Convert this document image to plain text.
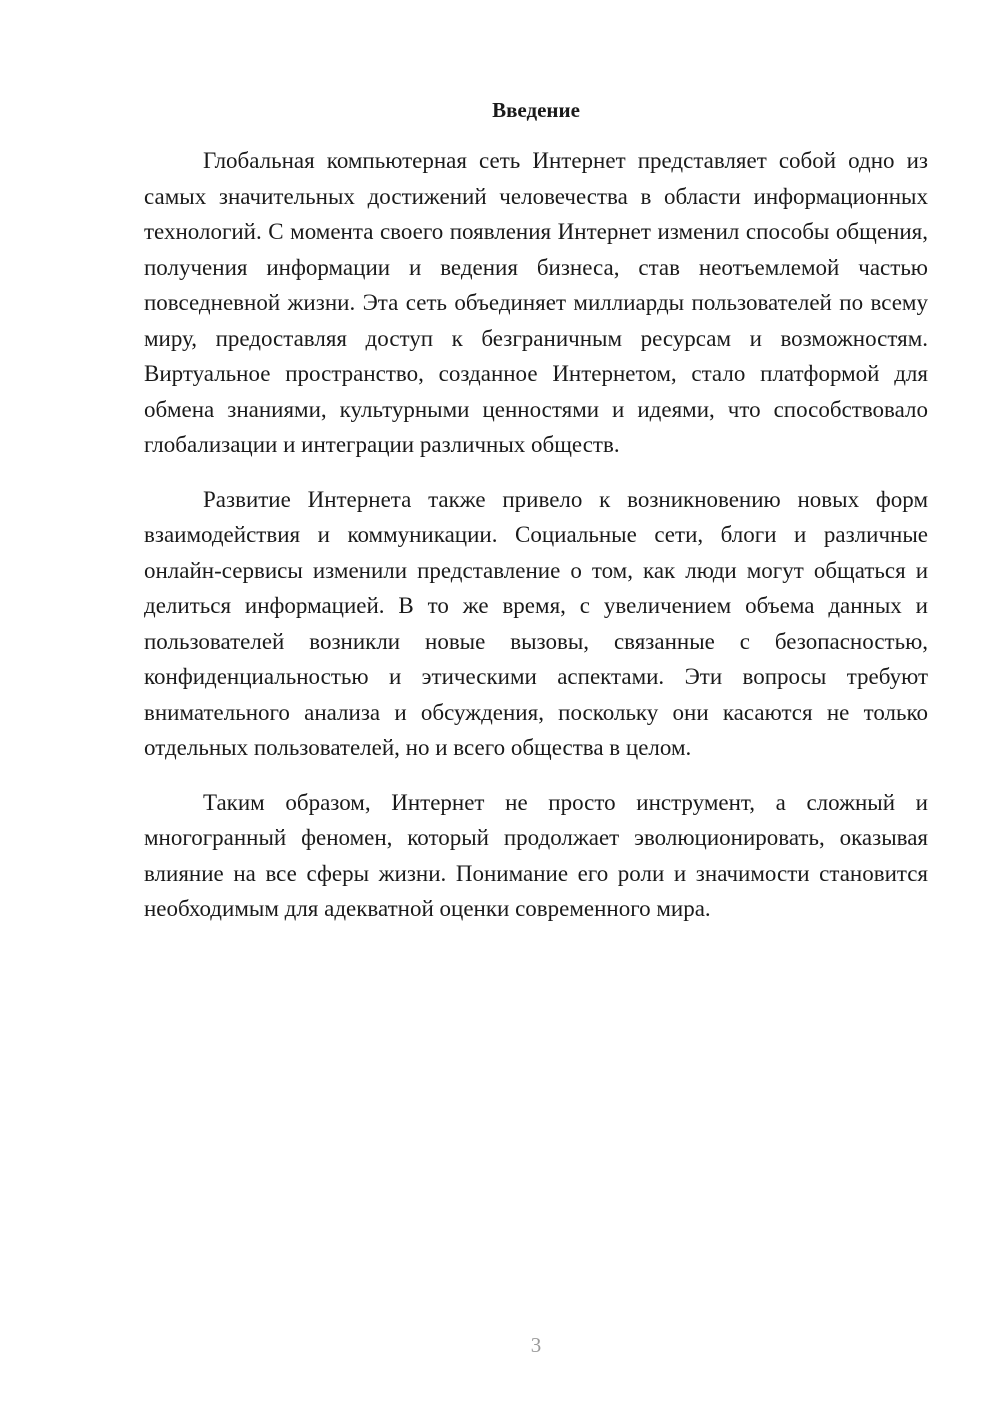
Введение

Глобальная компьютерная сеть Интернет представляет собой одно из самых значительных достижений человечества в области информационных технологий. С момента своего появления Интернет изменил способы общения, получения информации и ведения бизнеса, став неотъемлемой частью повседневной жизни. Эта сеть объединяет миллиарды пользователей по всему миру, предоставляя доступ к безграничным ресурсам и возможностям. Виртуальное пространство, созданное Интернетом, стало платформой для обмена знаниями, культурными ценностями и идеями, что способствовало глобализации и интеграции различных обществ.

Развитие Интернета также привело к возникновению новых форм взаимодействия и коммуникации. Социальные сети, блоги и различные онлайн-сервисы изменили представление о том, как люди могут общаться и делиться информацией. В то же время, с увеличением объема данных и пользователей возникли новые вызовы, связанные с безопасностью, конфиденциальностью и этическими аспектами. Эти вопросы требуют внимательного анализа и обсуждения, поскольку они касаются не только отдельных пользователей, но и всего общества в целом.

Таким образом, Интернет не просто инструмент, а сложный и многогранный феномен, который продолжает эволюционировать, оказывая влияние на все сферы жизни. Понимание его роли и значимости становится необходимым для адекватной оценки современного мира.

3
